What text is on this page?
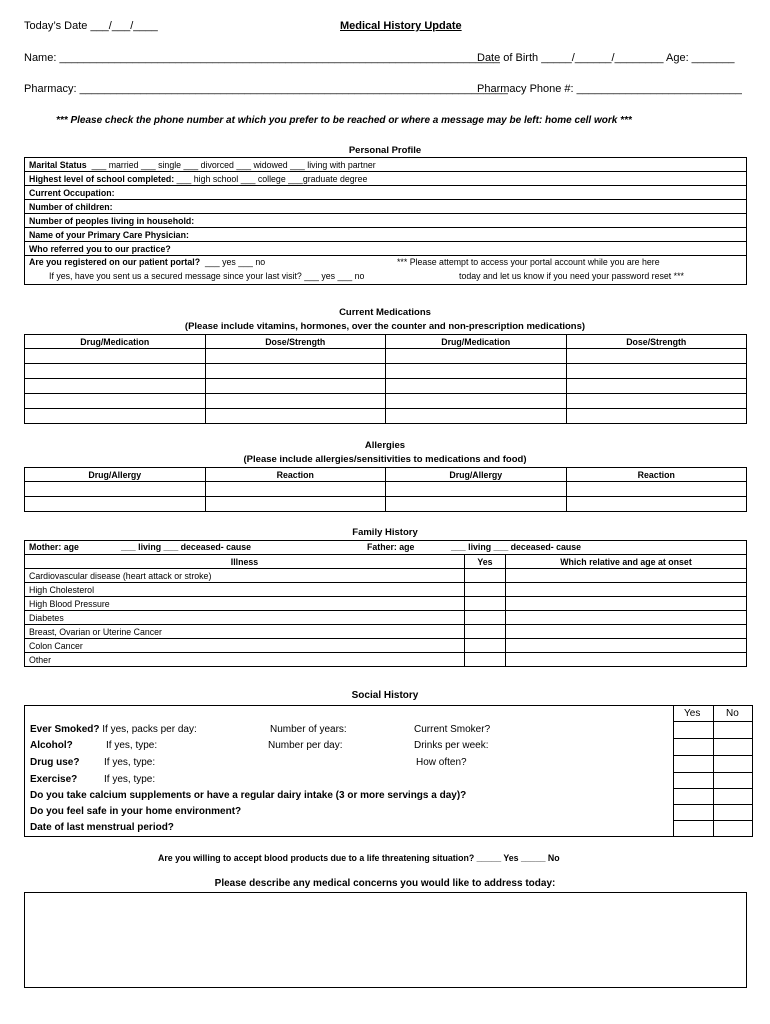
Today’s Date ___/___/____	Medical History Update
Name: ________________________________________________________________________
Date of Birth _____/______/________ Age: _______
Pharmacy: ______________________________________________________________________
Pharmacy Phone #: ___________________________
*** Please check the phone number at which you prefer to be reached or where a message may be left: home cell work ***
Personal Profile
Marital Status ___ married ___ single ___ divorced ___ widowed ___ living with partner
Highest level of school completed: ___ high school ___ college ___graduate degree
Current Occupation:
Number of children:
Number of peoples living in household:
Name of your Primary Care Physician:
Who referred you to our practice?

Are you registered on our patient portal? ___ yes ___ no	*** Please attempt to access your portal account while you are here
If yes, have you sent us a secured message since your last visit? ___ yes ___ no	today and let us know if you need your password reset ***
Current Medications
(Please include vitamins, hormones, over the counter and non-prescription medications)
Drug/Medication	Dose/Strength	Drug/Medication	Dose/Strength

Allergies
(Please include allergies/sensitivities to medications and food)
Drug/Allergy	Reaction	Drug/Allergy	Reaction

Family History
Mother: age ___ living ___ deceased- cause Father: age ___ living ___ deceased- cause		

Illness	Yes	Which relative and age at onset
Cardiovascular disease (heart attack or stroke)		
High Cholesterol		
High Blood Pressure		
Diabetes		
Breast, Ovarian or Uterine Cancer		
Colon Cancer		
Other		
Social History
Yes	No
Ever Smoked? If yes, packs per day:	Number of years:	Current Smoker?
Alcohol?	If yes, type:	Number per day:	Drinks per week:
Drug use? If yes, type:	How often?
Exercise?	If yes, type:
Do you take calcium supplements or have a regular dairy intake (3 or more servings a day)?
Do you feel safe in your home environment?
Date of last menstrual period?
Are you willing to accept blood products due to a life threatening situation? _____ Yes _____ No
Please describe any medical concerns you would like to address today:
